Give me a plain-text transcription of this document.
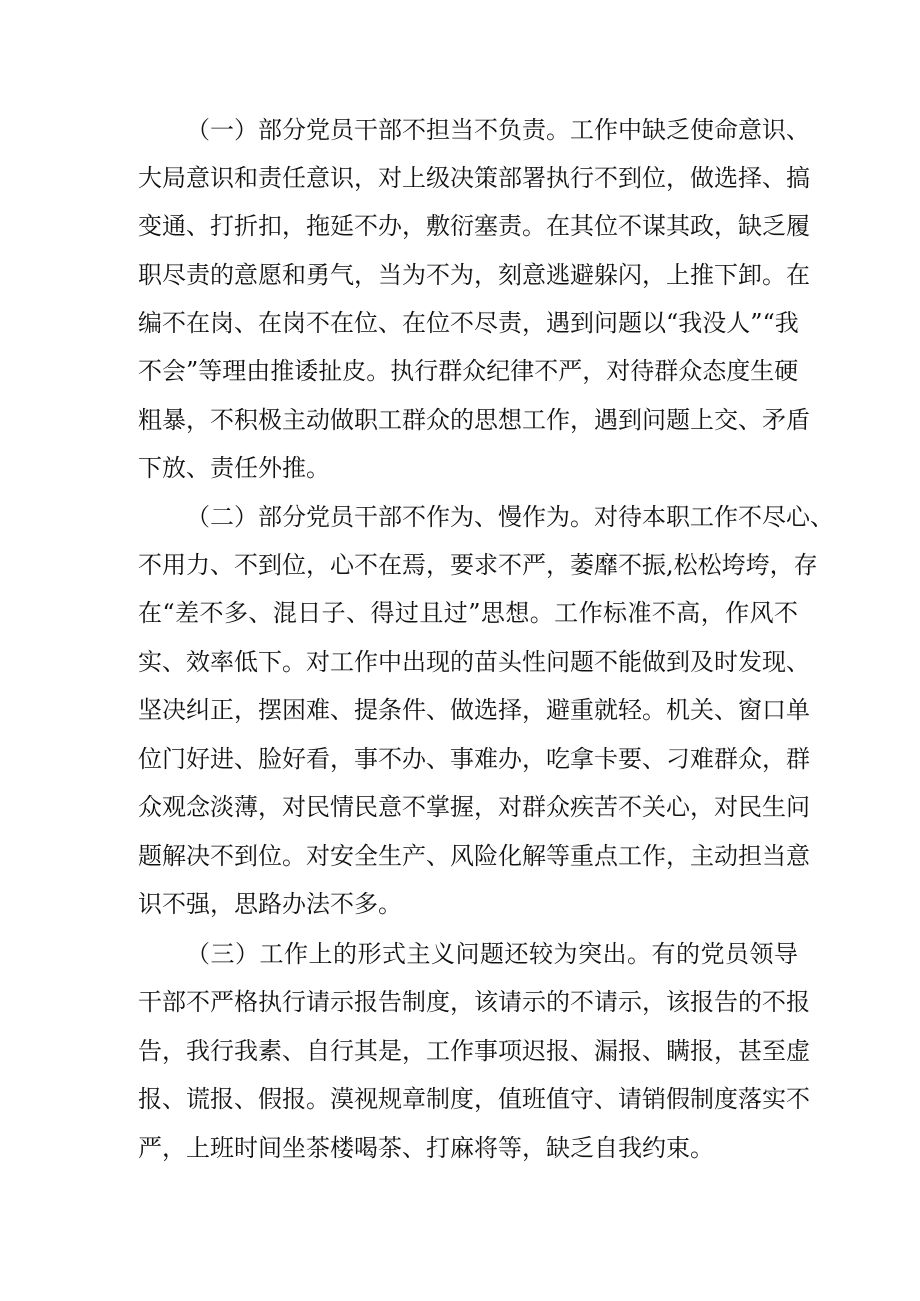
（一）部分党员干部不担当不负责。工作中缺乏使命意识、
大局意识和责任意识，对上级决策部署执行不到位，做选择、搞
变通、打折扣，拖延不办，敷衍塞责。在其位不谋其政，缺乏履
职尽责的意愿和勇气，当为不为，刻意逃避躲闪，上推下卸。在
编不在岗、在岗不在位、在位不尽责，遇到问题以“我没人”“我
不会”等理由推诿扯皮。执行群众纪律不严，对待群众态度生硬
粗暴，不积极主动做职工群众的思想工作，遇到问题上交、矛盾
下放、责任外推。
（二）部分党员干部不作为、慢作为。对待本职工作不尽心、
不用力、不到位，心不在焉，要求不严，萎靡不振,松松垮垮，存
在“差不多、混日子、得过且过”思想。工作标准不高，作风不
实、效率低下。对工作中出现的苗头性问题不能做到及时发现、
坚决纠正，摆困难、提条件、做选择，避重就轻。机关、窗口单
位门好进、脸好看，事不办、事难办，吃拿卡要、刁难群众，群
众观念淡薄，对民情民意不掌握，对群众疾苦不关心，对民生问
题解决不到位。对安全生产、风险化解等重点工作，主动担当意
识不强，思路办法不多。
（三）工作上的形式主义问题还较为突出。有的党员领导
干部不严格执行请示报告制度，该请示的不请示，该报告的不报
告，我行我素、自行其是，工作事项迟报、漏报、瞒报，甚至虚
报、谎报、假报。漠视规章制度，值班值守、请销假制度落实不
严，上班时间坐茶楼喝茶、打麻将等，缺乏自我约束。
